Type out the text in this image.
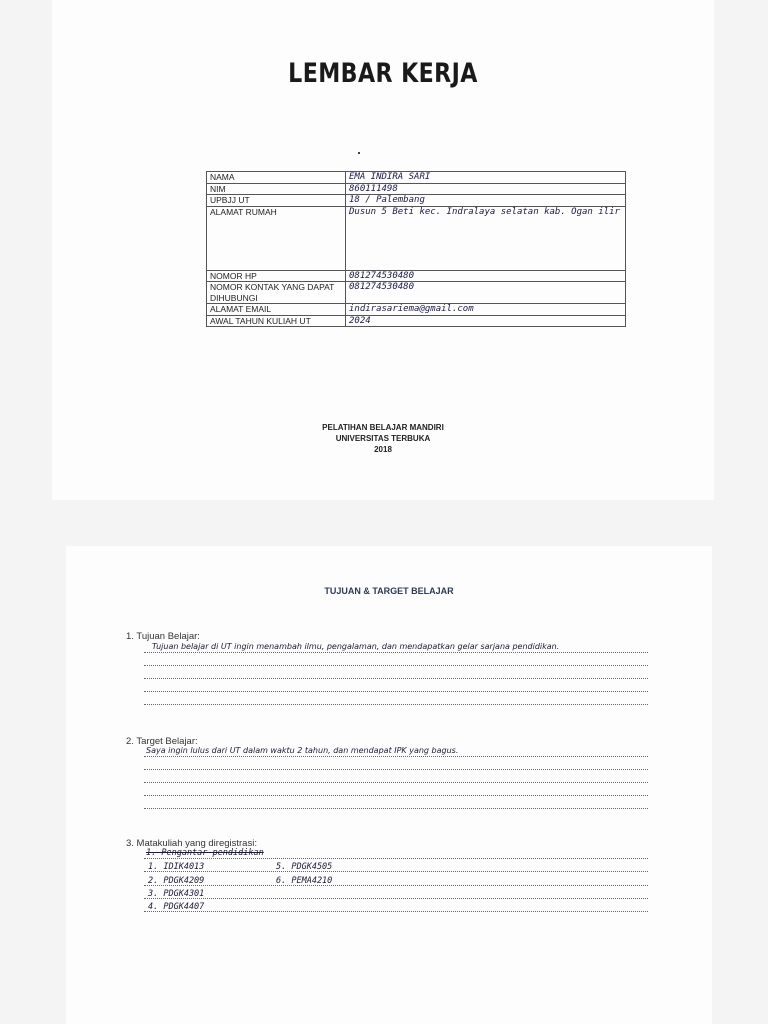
LEMBAR KERJA
NAMA	EMA INDIRA SARI
NIM	860111498
UPBJJ UT	18 / Palembang
ALAMAT RUMAH	Dusun 5 Beti kec. Indralaya selatan kab. Ogan ilir
NOMOR HP	081274530480
NOMOR KONTAK YANG DAPAT DIHUBUNGI	081274530480
ALAMAT EMAIL	indirasariema@gmail.com
AWAL TAHUN KULIAH UT	2024
PELATIHAN BELAJAR MANDIRI
UNIVERSITAS TERBUKA
2018
TUJUAN & TARGET BELAJAR
1. Tujuan Belajar:
Tujuan belajar di UT ingin menambah ilmu, pengalaman, dan mendapatkan gelar sarjana pendidikan.
2. Target Belajar:
Saya ingin lulus dari UT dalam waktu 2 tahun, dan mendapat IPK yang bagus.
3. Matakuliah yang diregistrasi:
1. Pengantar pendidikan
1. IDIK4013	5. PDGK4505
2. PDGK4209	6. PEMA4210
3. PDGK4301
4. PDGK4407
